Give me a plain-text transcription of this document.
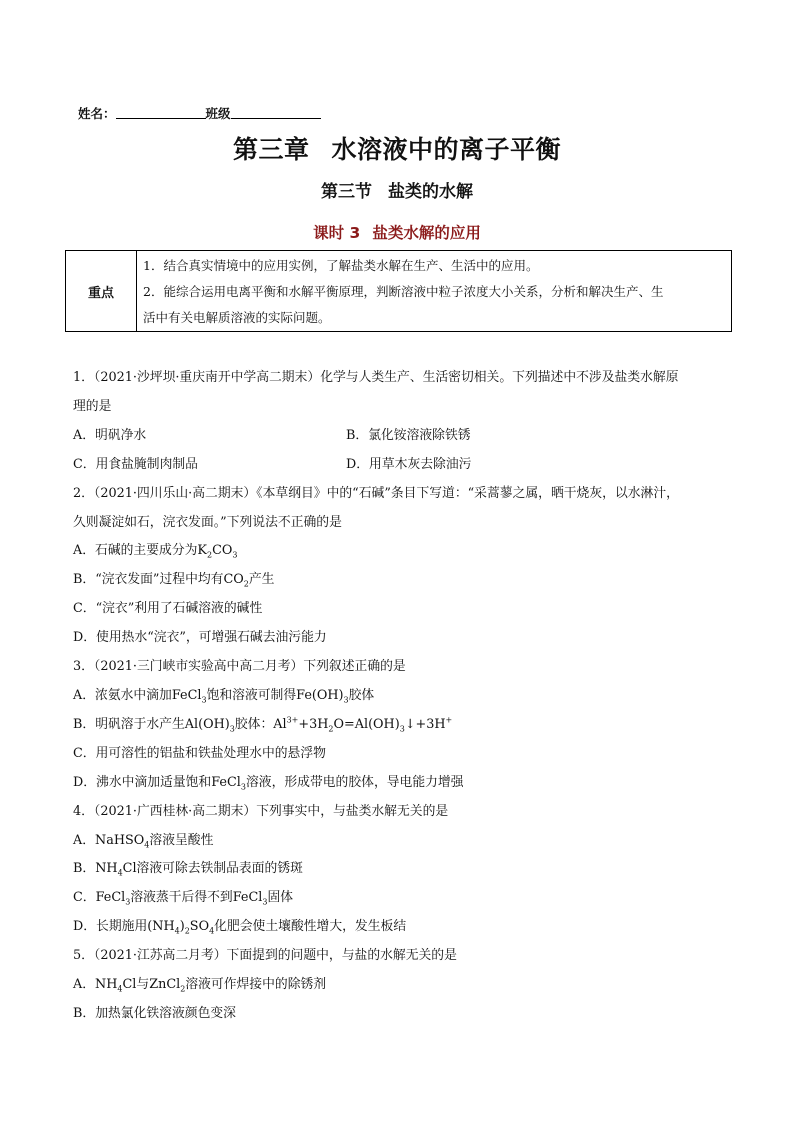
姓名：	班级
第三章 水溶液中的离子平衡
第三节 盐类的水解
课时 3 盐类水解的应用
重点
1．结合真实情境中的应用实例，了解盐类水解在生产、生活中的应用。
2．能综合运用电离平衡和水解平衡原理，判断溶液中粒子浓度大小关系，分析和解决生产、生
活中有关电解质溶液的实际问题。

1．（2021·沙坪坝·重庆南开中学高二期末）化学与人类生产、生活密切相关。下列描述中不涉及盐类水解原

理的是

A．明矾净水	B．氯化铵溶液除铁锈
C．用食盐腌制肉制品	D．用草木灰去除油污

2．（2021·四川乐山·高二期末）《本草纲目》中的“石碱”条目下写道：“采蒿蓼之属，晒干烧灰，以水淋汁，

久则凝淀如石，浣衣发面。”下列说法不正确的是

A．石碱的主要成分为$K_2CO_3$

B．“浣衣发面”过程中均有$CO_2$产生

C．“浣衣”利用了石碱溶液的碱性

D．使用热水“浣衣”，可增强石碱去油污能力

3．（2021·三门峡市实验高中高二月考）下列叙述正确的是

A．浓氨水中滴加FeCl$_3$饱和溶液可制得$Fe(OH)_3$胶体

B．明矾溶于水产生$Al(OH)_3$胶体：$Al^{3+}+3H_2O=Al(OH)_3↓+3H^+$

C．用可溶性的铝盐和铁盐处理水中的悬浮物

D．沸水中滴加适量饱和FeCl$_3$溶液，形成带电的胶体，导电能力增强

4．（2021·广西桂林·高二期末）下列事实中，与盐类水解无关的是

A．NaHSO$_4$溶液呈酸性

B．$NH_4Cl$溶液可除去铁制品表面的锈斑

C．FeCl$_3$溶液蒸干后得不到FeCl$_3$固体

D．长期施用$(NH_4)_2SO_4$化肥会使土壤酸性增大，发生板结

5．（2021·江苏高二月考）下面提到的问题中，与盐的水解无关的是

A．$NH_4Cl$与ZnCl$_2$溶液可作焊接中的除锈剂

B．加热氯化铁溶液颜色变深
